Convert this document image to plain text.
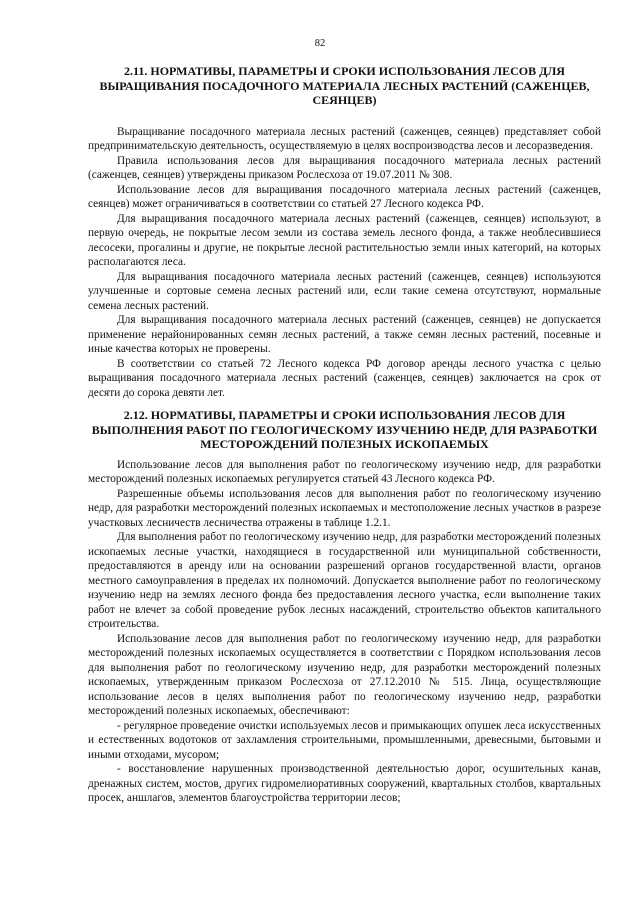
82
2.11. НОРМАТИВЫ, ПАРАМЕТРЫ И СРОКИ ИСПОЛЬЗОВАНИЯ ЛЕСОВ ДЛЯ ВЫРАЩИВАНИЯ ПОСАДОЧНОГО МАТЕРИАЛА ЛЕСНЫХ РАСТЕНИЙ (САЖЕНЦЕВ, СЕЯНЦЕВ)

Выращивание посадочного материала лесных растений (саженцев, сеянцев) представляет собой предпринимательскую деятельность, осуществляемую в целях воспроизводства лесов и лесоразведения.

Правила использования лесов для выращивания посадочного материала лесных растений (саженцев, сеянцев) утверждены приказом Рослесхоза от 19.07.2011 № 308.

Использование лесов для выращивания посадочного материала лесных растений (саженцев, сеянцев) может ограничиваться в соответствии со статьей 27 Лесного кодекса РФ.

Для выращивания посадочного материала лесных растений (саженцев, сеянцев) используют, в первую очередь, не покрытые лесом земли из состава земель лесного фонда, а также необлесившиеся лесосеки, прогалины и другие, не покрытые лесной растительностью земли иных категорий, на которых располагаются леса.

Для выращивания посадочного материала лесных растений (саженцев, сеянцев) используются улучшенные и сортовые семена лесных растений или, если такие семена отсутствуют, нормальные семена лесных растений.

Для выращивания посадочного материала лесных растений (саженцев, сеянцев) не допускается применение нерайонированных семян лесных растений, а также семян лесных растений, посевные и иные качества которых не проверены.

В соответствии со статьей 72 Лесного кодекса РФ договор аренды лесного участка с целью выращивания посадочного материала лесных растений (саженцев, сеянцев) заключается на срок от десяти до сорока девяти лет.

2.12. НОРМАТИВЫ, ПАРАМЕТРЫ И СРОКИ ИСПОЛЬЗОВАНИЯ ЛЕСОВ ДЛЯ ВЫПОЛНЕНИЯ РАБОТ ПО ГЕОЛОГИЧЕСКОМУ ИЗУЧЕНИЮ НЕДР, ДЛЯ РАЗРАБОТКИ МЕСТОРОЖДЕНИЙ ПОЛЕЗНЫХ ИСКОПАЕМЫХ

Использование лесов для выполнения работ по геологическому изучению недр, для разработки месторождений полезных ископаемых регулируется статьей 43 Лесного кодекса РФ.

Разрешенные объемы использования лесов для выполнения работ по геологическому изучению недр, для разработки месторождений полезных ископаемых и местоположение лесных участков в разрезе участковых лесничеств лесничества отражены в таблице 1.2.1.

Для выполнения работ по геологическому изучению недр, для разработки месторождений полезных ископаемых лесные участки, находящиеся в государственной или муниципальной собственности, предоставляются в аренду или на основании разрешений органов государственной власти, органов местного самоуправления в пределах их полномочий. Допускается выполнение работ по геологическому изучению недр на землях лесного фонда без предоставления лесного участка, если выполнение таких работ не влечет за собой проведение рубок лесных насаждений, строительство объектов капитального строительства.

Использование лесов для выполнения работ по геологическому изучению недр, для разработки месторождений полезных ископаемых осуществляется в соответствии с Порядком использования лесов для выполнения работ по геологическому изучению недр, для разработки месторождений полезных ископаемых, утвержденным приказом Рослесхоза от 27.12.2010 № 515. Лица, осуществляющие использование лесов в целях выполнения работ по геологическому изучению недр, разработки месторождений полезных ископаемых, обеспечивают:

- регулярное проведение очистки используемых лесов и примыкающих опушек леса искусственных и естественных водотоков от захламления строительными, промышленными, древесными, бытовыми и иными отходами, мусором;

- восстановление нарушенных производственной деятельностью дорог, осушительных канав, дренажных систем, мостов, других гидромелиоративных сооружений, квартальных столбов, квартальных просек, аншлагов, элементов благоустройства территории лесов;
